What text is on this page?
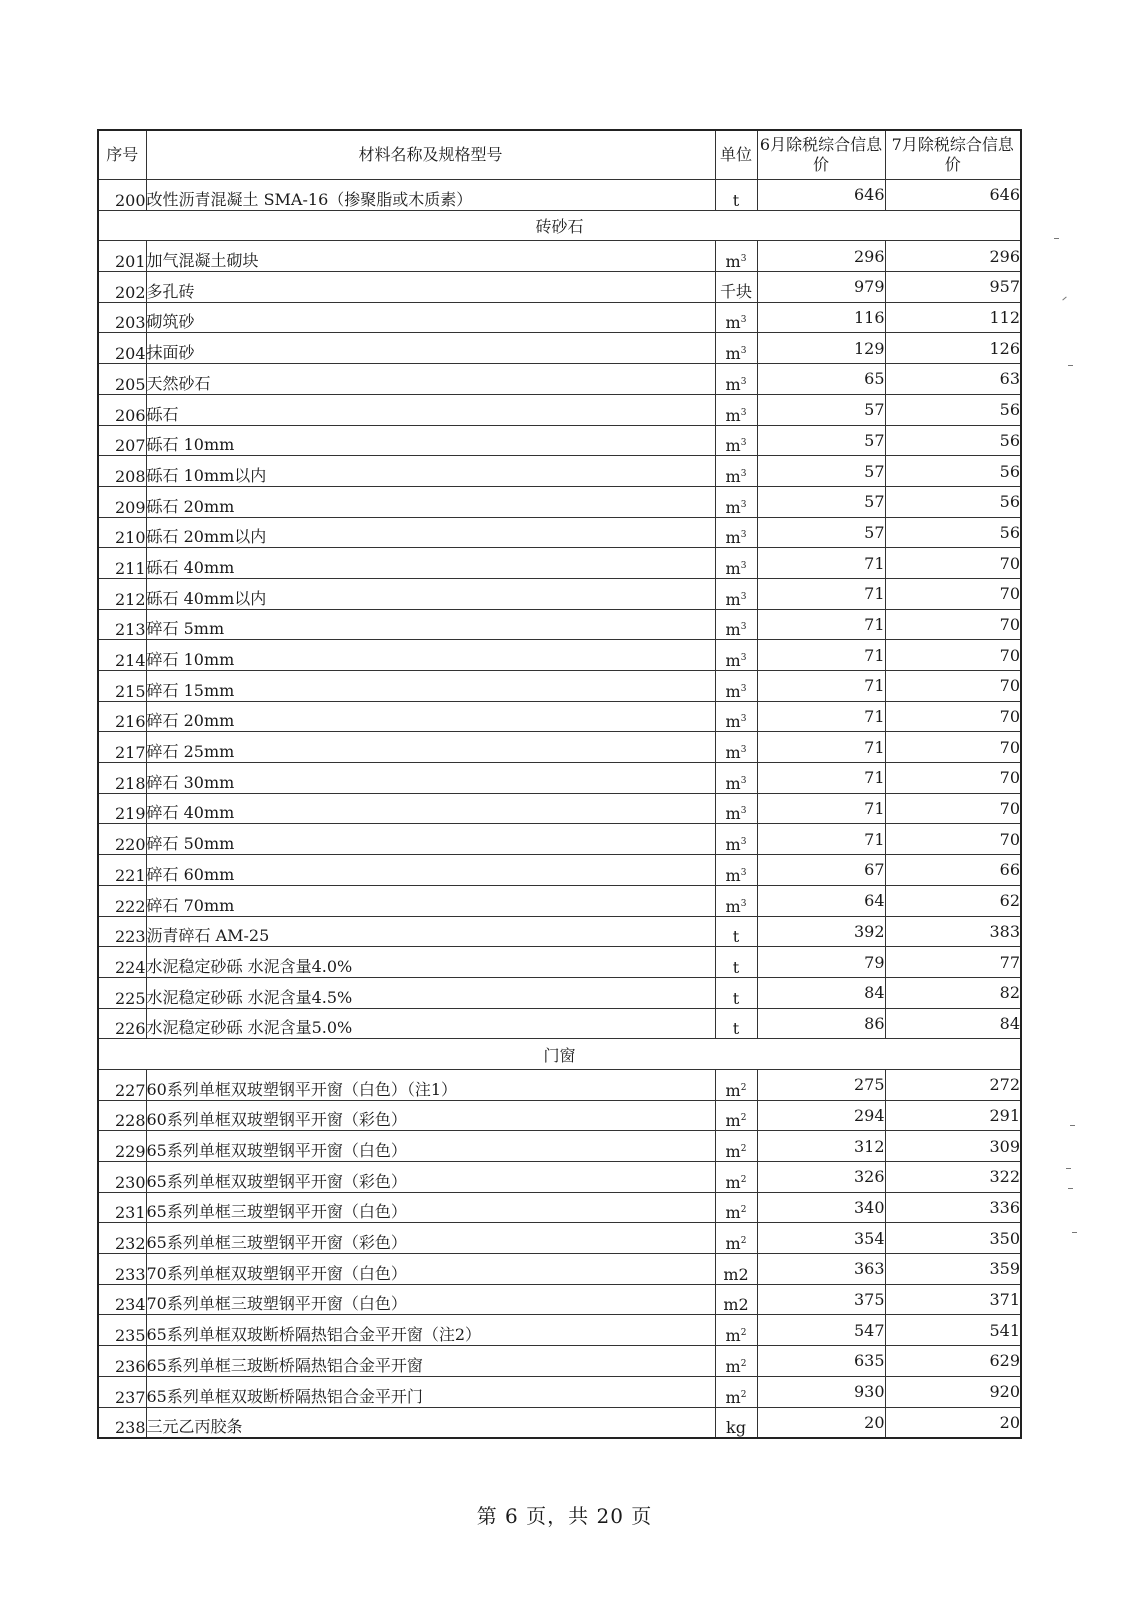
序号	材料名称及规格型号	单位	6月除税综合信息价	7月除税综合信息价

200	改性沥青混凝土 SMA-16（掺聚脂或木质素）	t	646	646
砖砂石				
201	加气混凝土砌块	$m^3$	296	296
202	多孔砖	千块	979	957
203	砌筑砂	$m^3$	116	112
204	抹面砂	$m^3$	129	126
205	天然砂石	$m^3$	65	63
206	砾石	$m^3$	57	56
207	砾石 10mm	$m^3$	57	56
208	砾石 10mm以内	$m^3$	57	56
209	砾石 20mm	$m^3$	57	56
210	砾石 20mm以内	$m^3$	57	56
211	砾石 40mm	$m^3$	71	70
212	砾石 40mm以内	$m^3$	71	70
213	碎石 5mm	$m^3$	71	70
214	碎石 10mm	$m^3$	71	70
215	碎石 15mm	$m^3$	71	70
216	碎石 20mm	$m^3$	71	70
217	碎石 25mm	$m^3$	71	70
218	碎石 30mm	$m^3$	71	70
219	碎石 40mm	$m^3$	71	70
220	碎石 50mm	$m^3$	71	70
221	碎石 60mm	$m^3$	67	66
222	碎石 70mm	$m^3$	64	62
223	沥青碎石 AM-25	t	392	383
224	水泥稳定砂砾 水泥含量4.0%	t	79	77
225	水泥稳定砂砾 水泥含量4.5%	t	84	82
226	水泥稳定砂砾 水泥含量5.0%	t	86	84
门窗				
227	60系列单框双玻塑钢平开窗（白色）（注1）	$m^2$	275	272
228	60系列单框双玻塑钢平开窗（彩色）	$m^2$	294	291
229	65系列单框双玻塑钢平开窗（白色）	$m^2$	312	309
230	65系列单框双玻塑钢平开窗（彩色）	$m^2$	326	322
231	65系列单框三玻塑钢平开窗（白色）	$m^2$	340	336
232	65系列单框三玻塑钢平开窗（彩色）	$m^2$	354	350
233	70系列单框双玻塑钢平开窗（白色）	m2	363	359
234	70系列单框三玻塑钢平开窗（白色）	m2	375	371
235	65系列单框双玻断桥隔热铝合金平开窗（注2）	$m^2$	547	541
236	65系列单框三玻断桥隔热铝合金平开窗	$m^2$	635	629
237	65系列单框双玻断桥隔热铝合金平开门	$m^2$	930	920
238	三元乙丙胶条	kg	20	20
第 6 页，共 20 页
